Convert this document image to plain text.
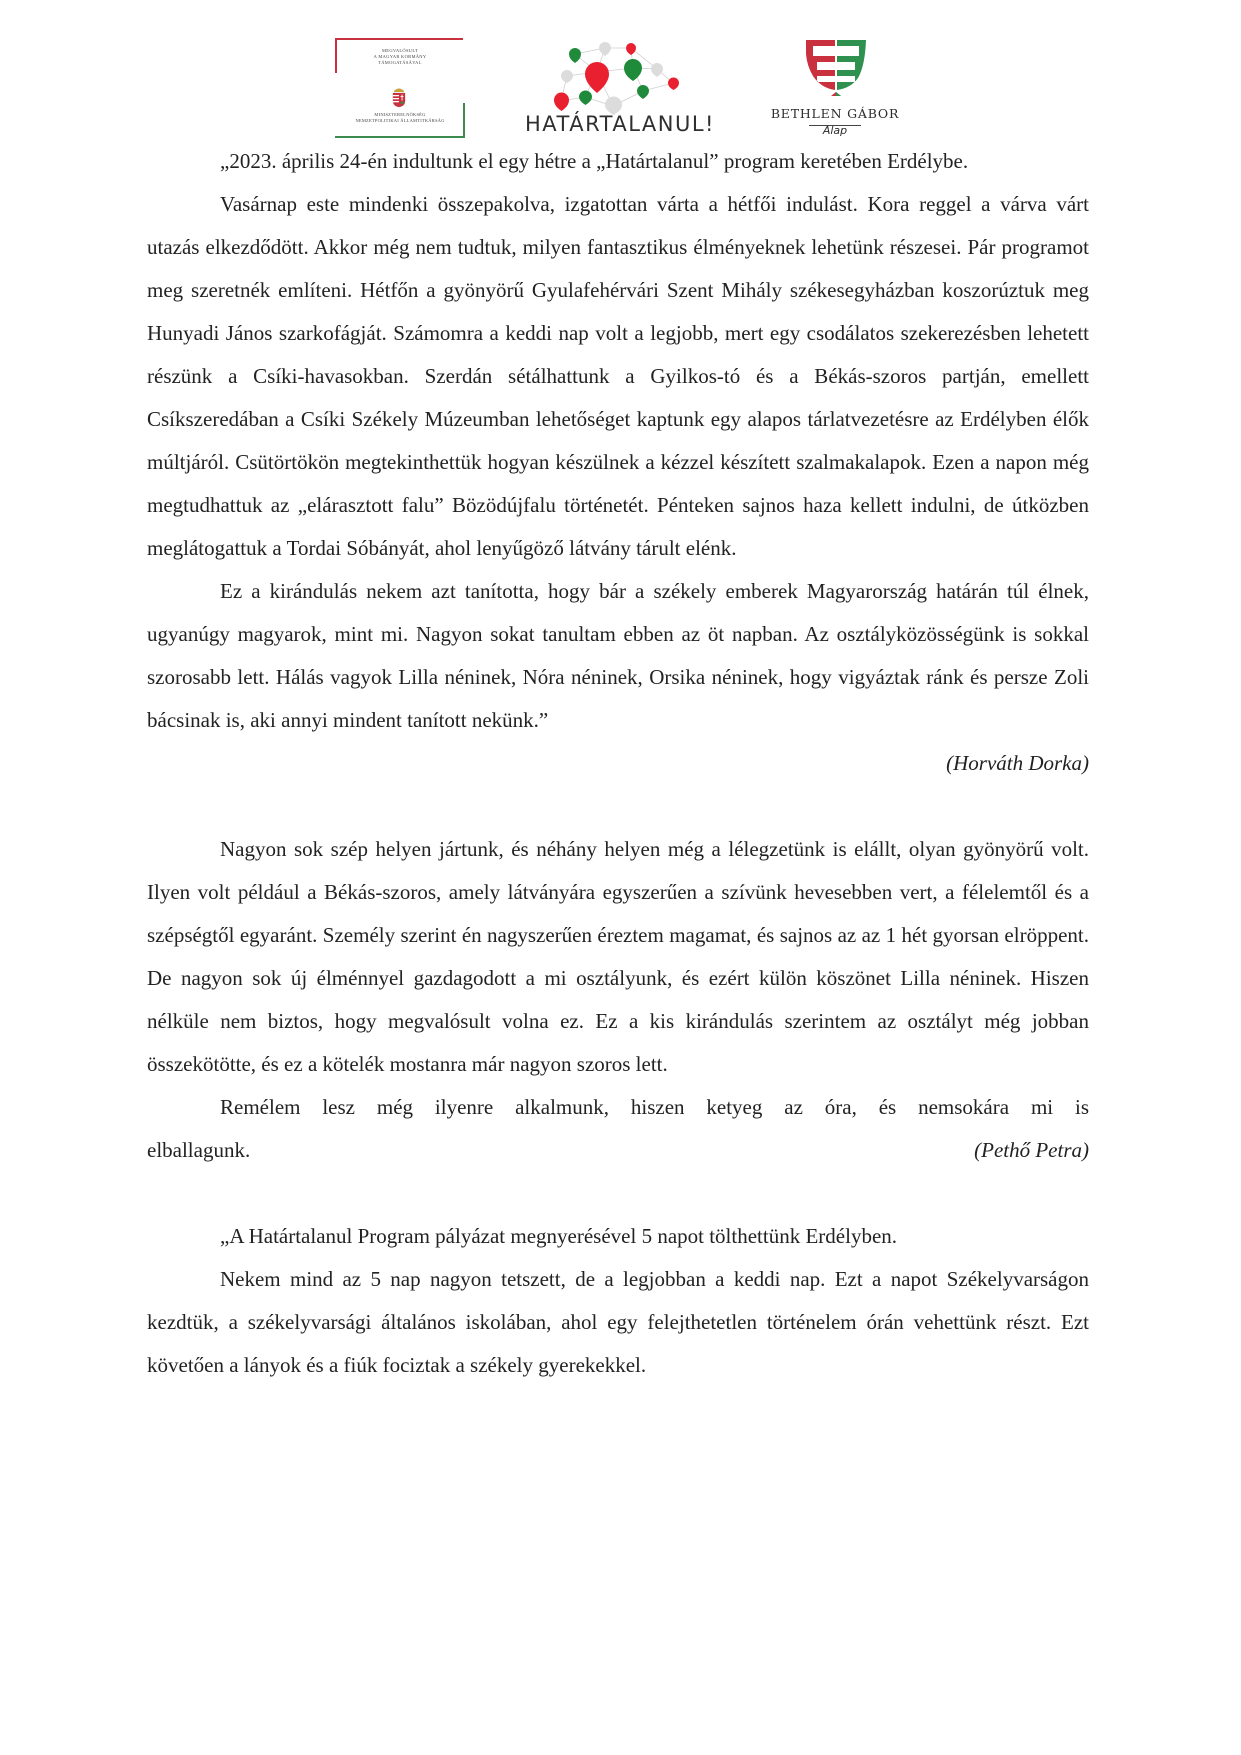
MEGVALÓSULT
A MAGYAR KORMÁNY
TÁMOGATÁSÁVAL
MINISZTERELNÖKSÉG
NEMZETPOLITIKAI ÁLLAMTITKÁRSÁG	HATÁRTALANUL!	BETHLEN GÁBOR
Alap

„2023. április 24-én indultunk el egy hétre a „Határtalanul” program keretében Erdélybe.

Vasárnap este mindenki összepakolva, izgatottan várta a hétfői indulást. Kora reggel a várva várt utazás elkezdődött. Akkor még nem tudtuk, milyen fantasztikus élményeknek lehetünk részesei. Pár programot meg szeretnék említeni. Hétfőn a gyönyörű Gyulafehérvári Szent Mihály székesegyházban koszorúztuk meg Hunyadi János szarkofágját. Számomra a keddi nap volt a legjobb, mert egy csodálatos szekerezésben lehetett részünk a Csíki-havasokban. Szerdán sétálhattunk a Gyilkos-tó és a Békás-szoros partján, emellett Csíkszeredában a Csíki Székely Múzeumban lehetőséget kaptunk egy alapos tárlatvezetésre az Erdélyben élők múltjáról. Csütörtökön megtekinthettük hogyan készülnek a kézzel készített szalmakalapok. Ezen a napon még megtudhattuk az „elárasztott falu” Bözödújfalu történetét. Pénteken sajnos haza kellett indulni, de útközben meglátogattuk a Tordai Sóbányát, ahol lenyűgöző látvány tárult elénk.

Ez a kirándulás nekem azt tanította, hogy bár a székely emberek Magyarország határán túl élnek, ugyanúgy magyarok, mint mi. Nagyon sokat tanultam ebben az öt napban. Az osztályközösségünk is sokkal szorosabb lett. Hálás vagyok Lilla néninek, Nóra néninek, Orsika néninek, hogy vigyáztak ránk és persze Zoli bácsinak is, aki annyi mindent tanított nekünk.”

(Horváth Dorka)

Nagyon sok szép helyen jártunk, és néhány helyen még a lélegzetünk is elállt, olyan gyönyörű volt. Ilyen volt például a Békás-szoros, amely látványára egyszerűen a szívünk hevesebben vert, a félelemtől és a szépségtől egyaránt. Személy szerint én nagyszerűen éreztem magamat, és sajnos az az 1 hét gyorsan elröppent. De nagyon sok új élménnyel gazdagodott a mi osztályunk, és ezért külön köszönet Lilla néninek. Hiszen nélküle nem biztos, hogy megvalósult volna ez. Ez a kis kirándulás szerintem az osztályt még jobban összekötötte, és ez a kötelék mostanra már nagyon szoros lett.

Remélem lesz még ilyenre alkalmunk, hiszen ketyeg az óra, és nemsokára mi is

elballagunk.	(Pethő Petra)

„A Határtalanul Program pályázat megnyerésével 5 napot tölthettünk Erdélyben.

Nekem mind az 5 nap nagyon tetszett, de a legjobban a keddi nap. Ezt a napot Székelyvarságon kezdtük, a székelyvarsági általános iskolában, ahol egy felejthetetlen történelem órán vehettünk részt. Ezt követően a lányok és a fiúk fociztak a székely gyerekekkel.
